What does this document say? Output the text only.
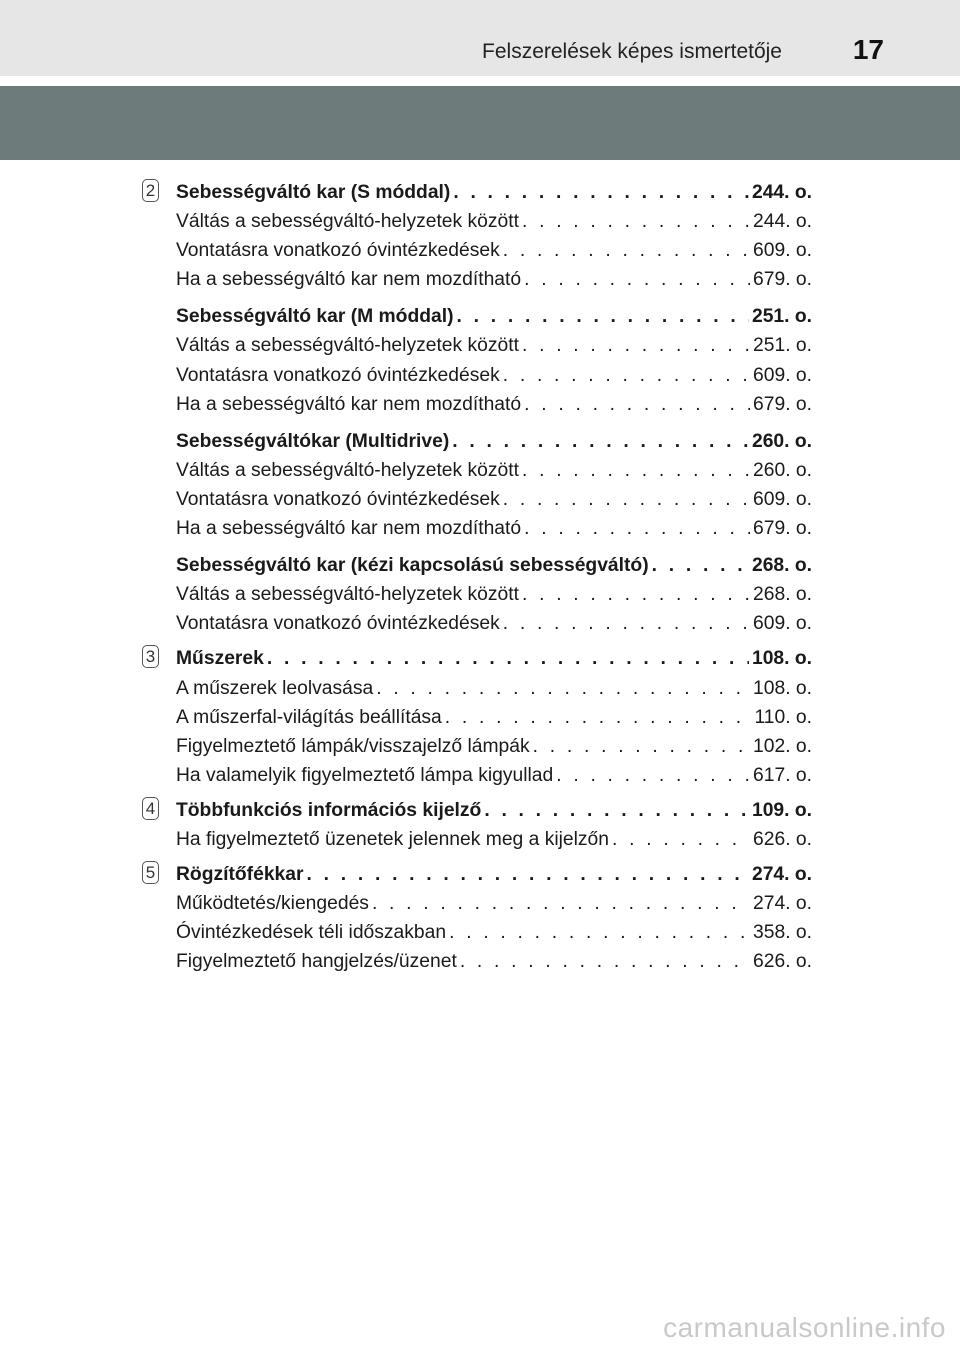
Felszerelések képes ismertetője	17
2 Sebességváltó kar (S móddal) . . .	244. o.
Váltás a sebességváltó-helyzetek között . . .	244. o.
Vontatásra vonatkozó óvintézkedések . . .	609. o.
Ha a sebességváltó kar nem mozdítható . . .	679. o.
Sebességváltó kar (M móddal) . . .	251. o.
Váltás a sebességváltó-helyzetek között . . .	251. o.
Vontatásra vonatkozó óvintézkedések . . .	609. o.
Ha a sebességváltó kar nem mozdítható . . .	679. o.
Sebességváltókar (Multidrive) . . .	260. o.
Váltás a sebességváltó-helyzetek között . . .	260. o.
Vontatásra vonatkozó óvintézkedések . . .	609. o.
Ha a sebességváltó kar nem mozdítható . . .	679. o.
Sebességváltó kar (kézi kapcsolású sebességváltó) . . .	268. o.
Váltás a sebességváltó-helyzetek között . . .	268. o.
Vontatásra vonatkozó óvintézkedések . . .	609. o.
3 Műszerek . . .	108. o.
A műszerek leolvasása . . .	108. o.
A műszerfal-világítás beállítása . . .	110. o.
Figyelmeztető lámpák/visszajelző lámpák . . .	102. o.
Ha valamelyik figyelmeztető lámpa kigyullad . . .	617. o.
4 Többfunkciós információs kijelző . . .	109. o.
Ha figyelmeztető üzenetek jelennek meg a kijelzőn . . .	626. o.
5 Rögzítőfékkar . . .	274. o.
Működtetés/kiengedés . . .	274. o.
Óvintézkedések téli időszakban . . .	358. o.
Figyelmeztető hangjelzés/üzenet . . .	626. o.
carmanualsonline.info
